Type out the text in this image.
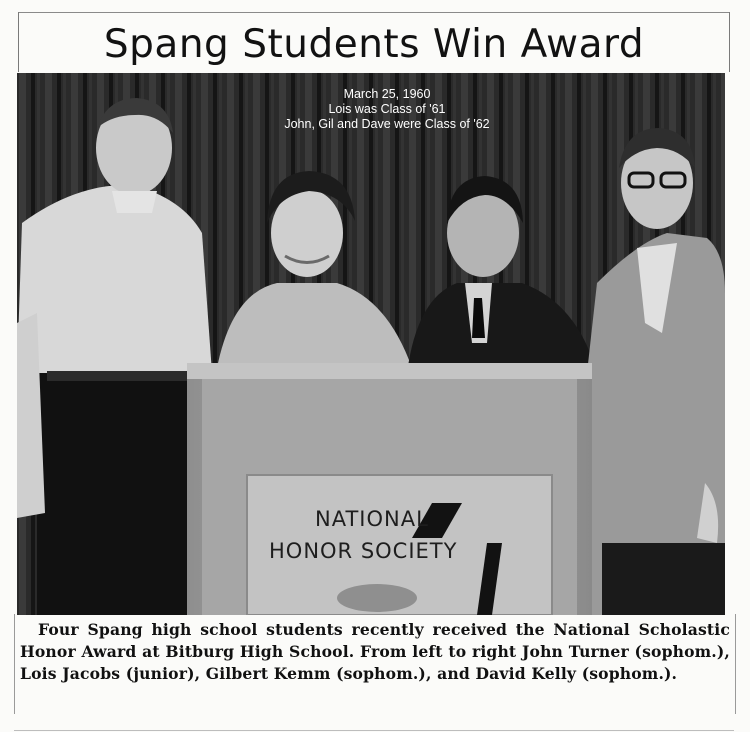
Spang Students Win Award
NATIONAL
HONOR SOCIETY
March 25, 1960
Lois was Class of '61
John, Gil and Dave were Class of '62
Four Spang high school students recently received the National Scholastic Honor Award at Bitburg High School. From left to right John Turner (sophom.), Lois Jacobs (junior), Gilbert Kemm (sophom.), and David Kelly (sophom.).
